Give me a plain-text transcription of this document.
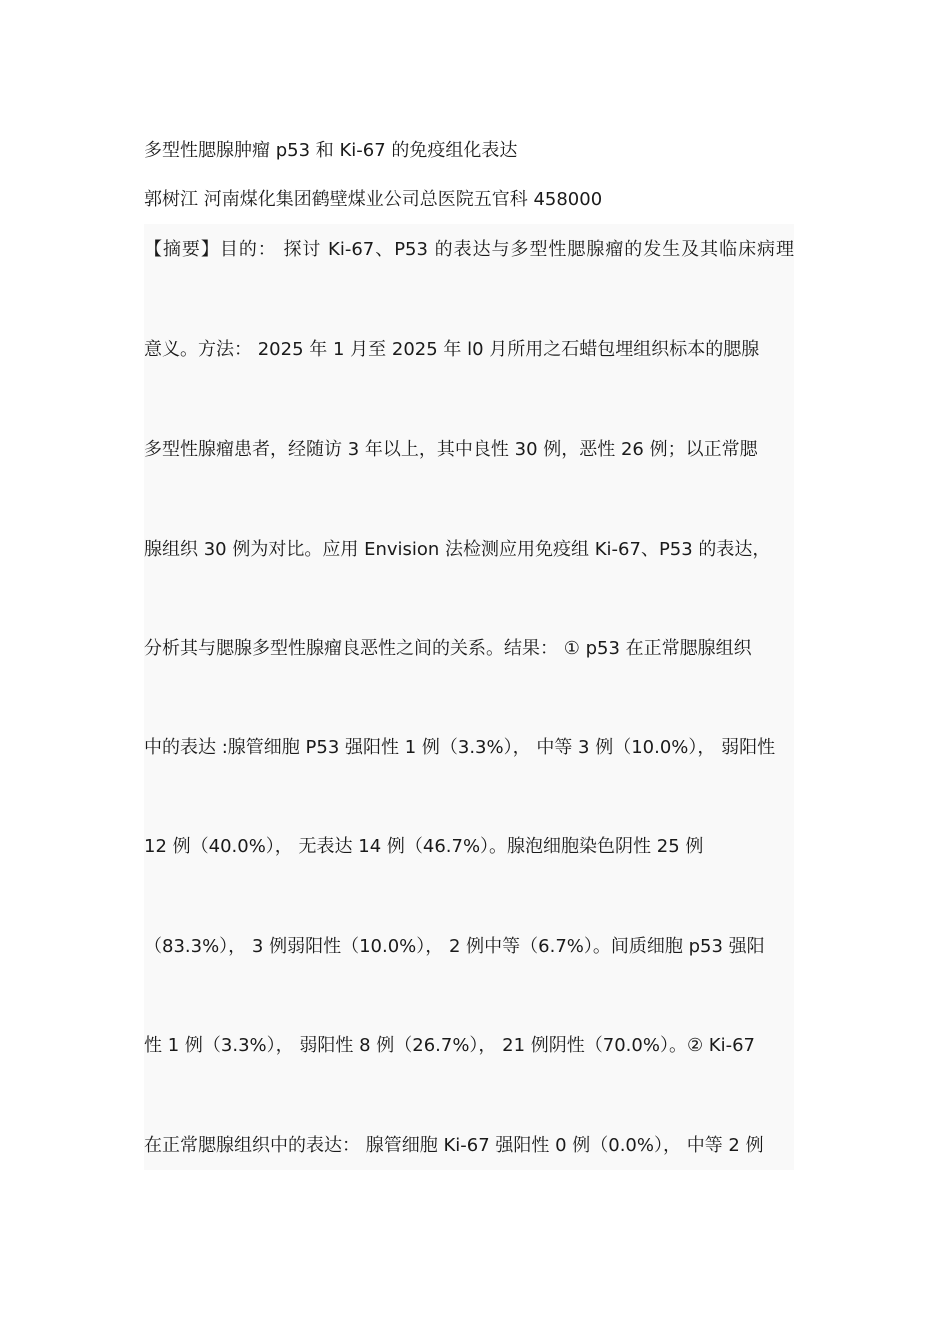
多型性腮腺肿瘤 p53 和 Ki-67 的免疫组化表达
郭树江 河南煤化集团鹤壁煤业公司总医院五官科 458000
【摘要】目的： 探讨 Ki-67、P53 的表达与多型性腮腺瘤的发生及其临床病理
意义。方法： 2025 年 1 月至 2025 年 l0 月所用之石蜡包埋组织标本的腮腺
多型性腺瘤患者，经随访 3 年以上，其中良性 30 例，恶性 26 例；以正常腮
腺组织 30 例为对比。应用 Envision 法检测应用免疫组 Ki-67、P53 的表达，
分析其与腮腺多型性腺瘤良恶性之间的关系。结果： ① p53 在正常腮腺组织
中的表达 :腺管细胞 P53 强阳性 1 例（3.3%）， 中等 3 例（10.0%）， 弱阳性
12 例（40.0%）， 无表达 14 例（46.7%）。腺泡细胞染色阴性 25 例
（83.3%）， 3 例弱阳性（10.0%）， 2 例中等（6.7%）。间质细胞 p53 强阳
性 1 例（3.3%）， 弱阳性 8 例（26.7%）， 21 例阴性（70.0%）。② Ki-67
在正常腮腺组织中的表达： 腺管细胞 Ki-67 强阳性 0 例（0.0%）， 中等 2 例
